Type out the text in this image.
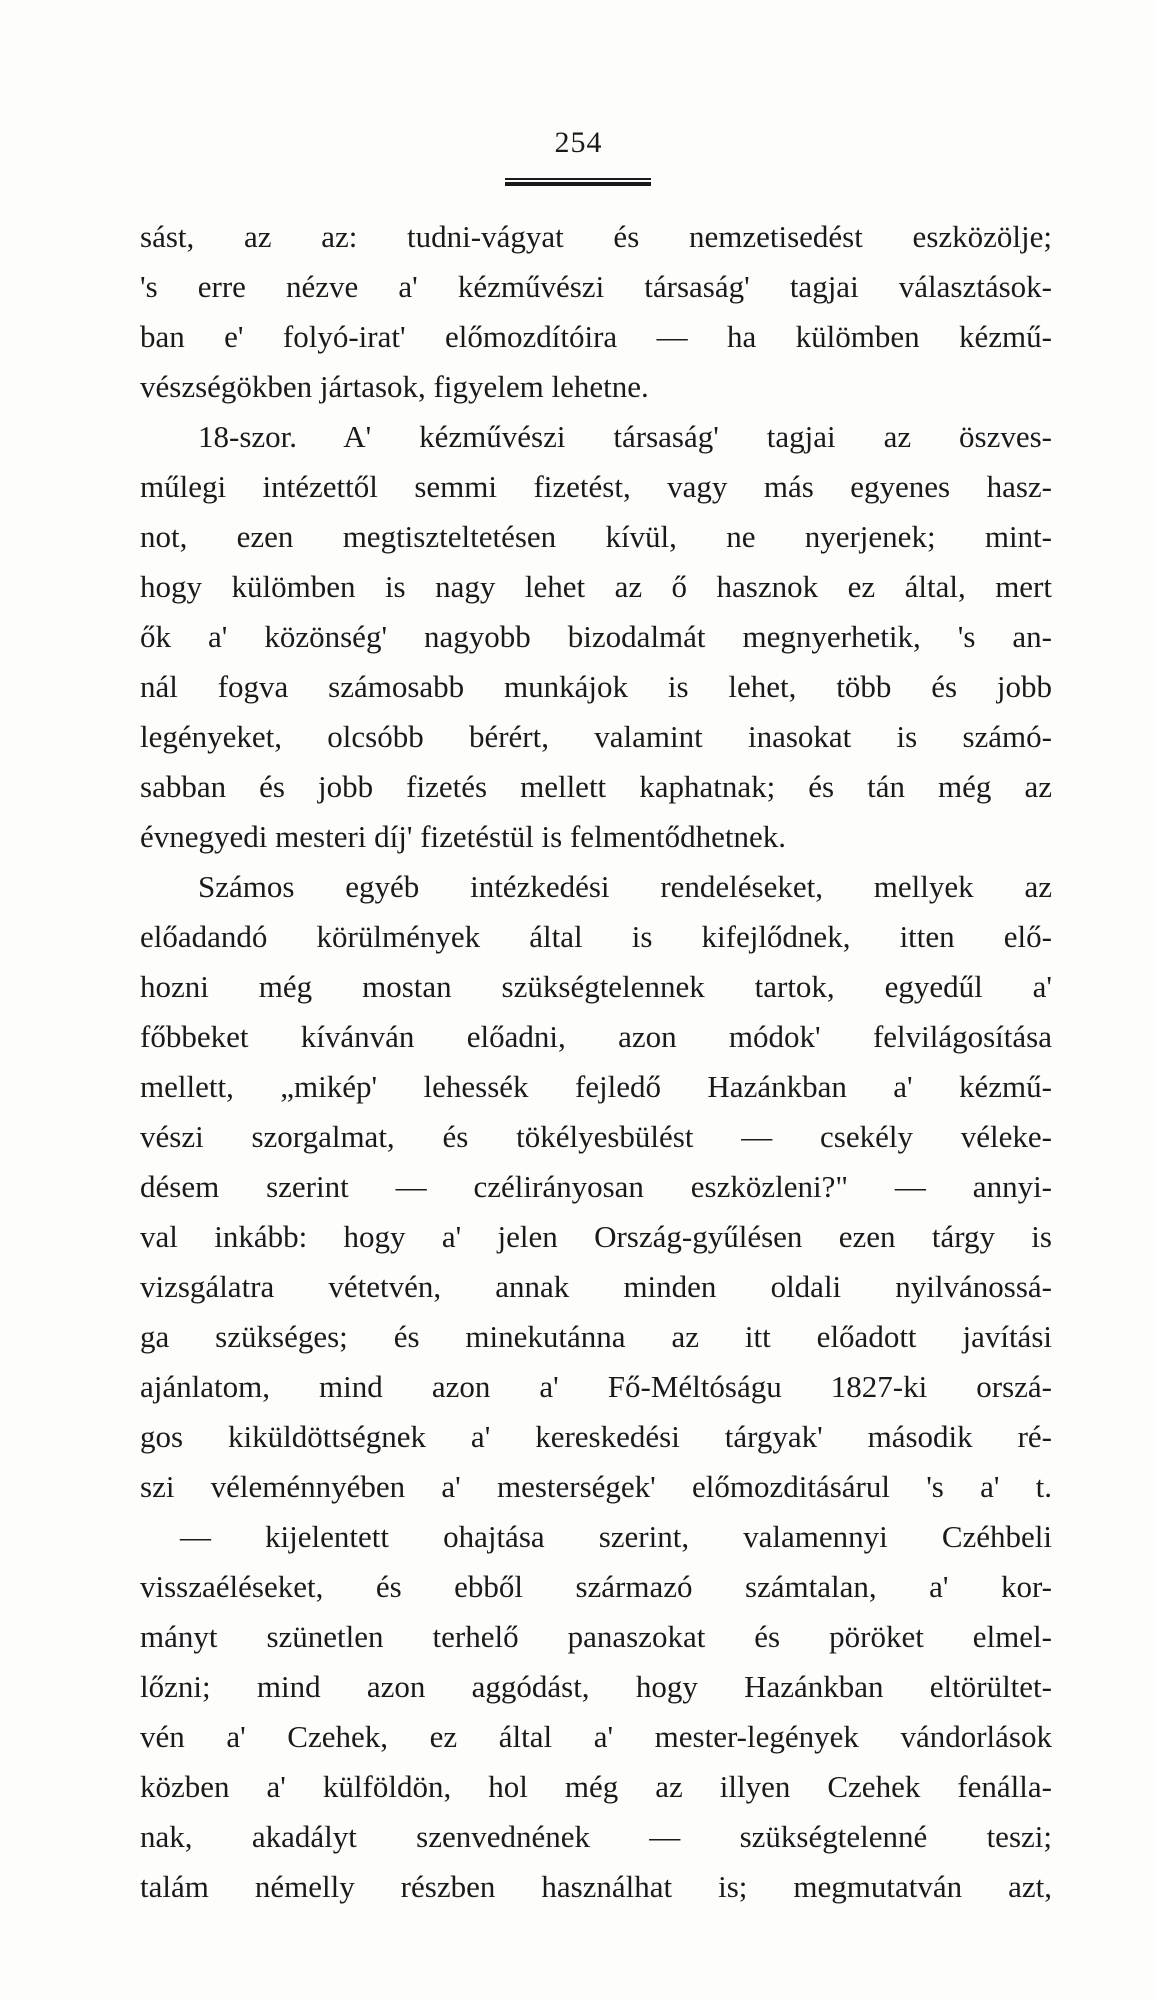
254
sást, az az: tudni-vágyat és nemzetisedést eszközölje;
's erre nézve a' kézművészi társaság' tagjai választások-
ban e' folyó-irat' előmozdítóira — ha külömben kézmű-
vészségökben jártasok, figyelem lehetne.
18-szor. A' kézművészi társaság' tagjai az öszves-
műlegi intézettől semmi fizetést, vagy más egyenes hasz-
not, ezen megtiszteltetésen kívül, ne nyerjenek; mint-
hogy külömben is nagy lehet az ő hasznok ez által, mert
ők a' közönség' nagyobb bizodalmát megnyerhetik, 's an-
nál fogva számosabb munkájok is lehet, több és jobb
legényeket, olcsóbb bérért, valamint inasokat is számó-
sabban és jobb fizetés mellett kaphatnak; és tán még az
évnegyedi mesteri díj' fizetéstül is felmentődhetnek.
Számos egyéb intézkedési rendeléseket, mellyek az
előadandó körülmények által is kifejlődnek, itten elő-
hozni még mostan szükségtelennek tartok, egyedűl a'
főbbeket kívánván előadni, azon módok' felvilágosítása
mellett, „mikép' lehessék fejledő Hazánkban a' kézmű-
vészi szorgalmat, és tökélyesbülést — csekély véleke-
désem szerint — czélirányosan eszközleni?" — annyi-
val inkább: hogy a' jelen Ország-gyűlésen ezen tárgy is
vizsgálatra vétetvén, annak minden oldali nyilvánossá-
ga szükséges; és minekutánna az itt előadott javítási
ajánlatom, mind azon a' Fő-Méltóságu 1827-ki orszá-
gos kiküldöttségnek a' kereskedési tárgyak' második ré-
szi véleménnyében a' mesterségek' előmozditásárul 's a' t.
— kijelentett ohajtása szerint, valamennyi Czéhbeli
visszaéléseket, és ebből származó számtalan, a' kor-
mányt szünetlen terhelő panaszokat és pöröket elmel-
lőzni; mind azon aggódást, hogy Hazánkban eltörültet-
vén a' Czehek, ez által a' mester-legények vándorlások
közben a' külföldön, hol még az illyen Czehek fenálla-
nak, akadályt szenvednének — szükségtelenné teszi;
talám némelly részben használhat is; megmutatván azt,
